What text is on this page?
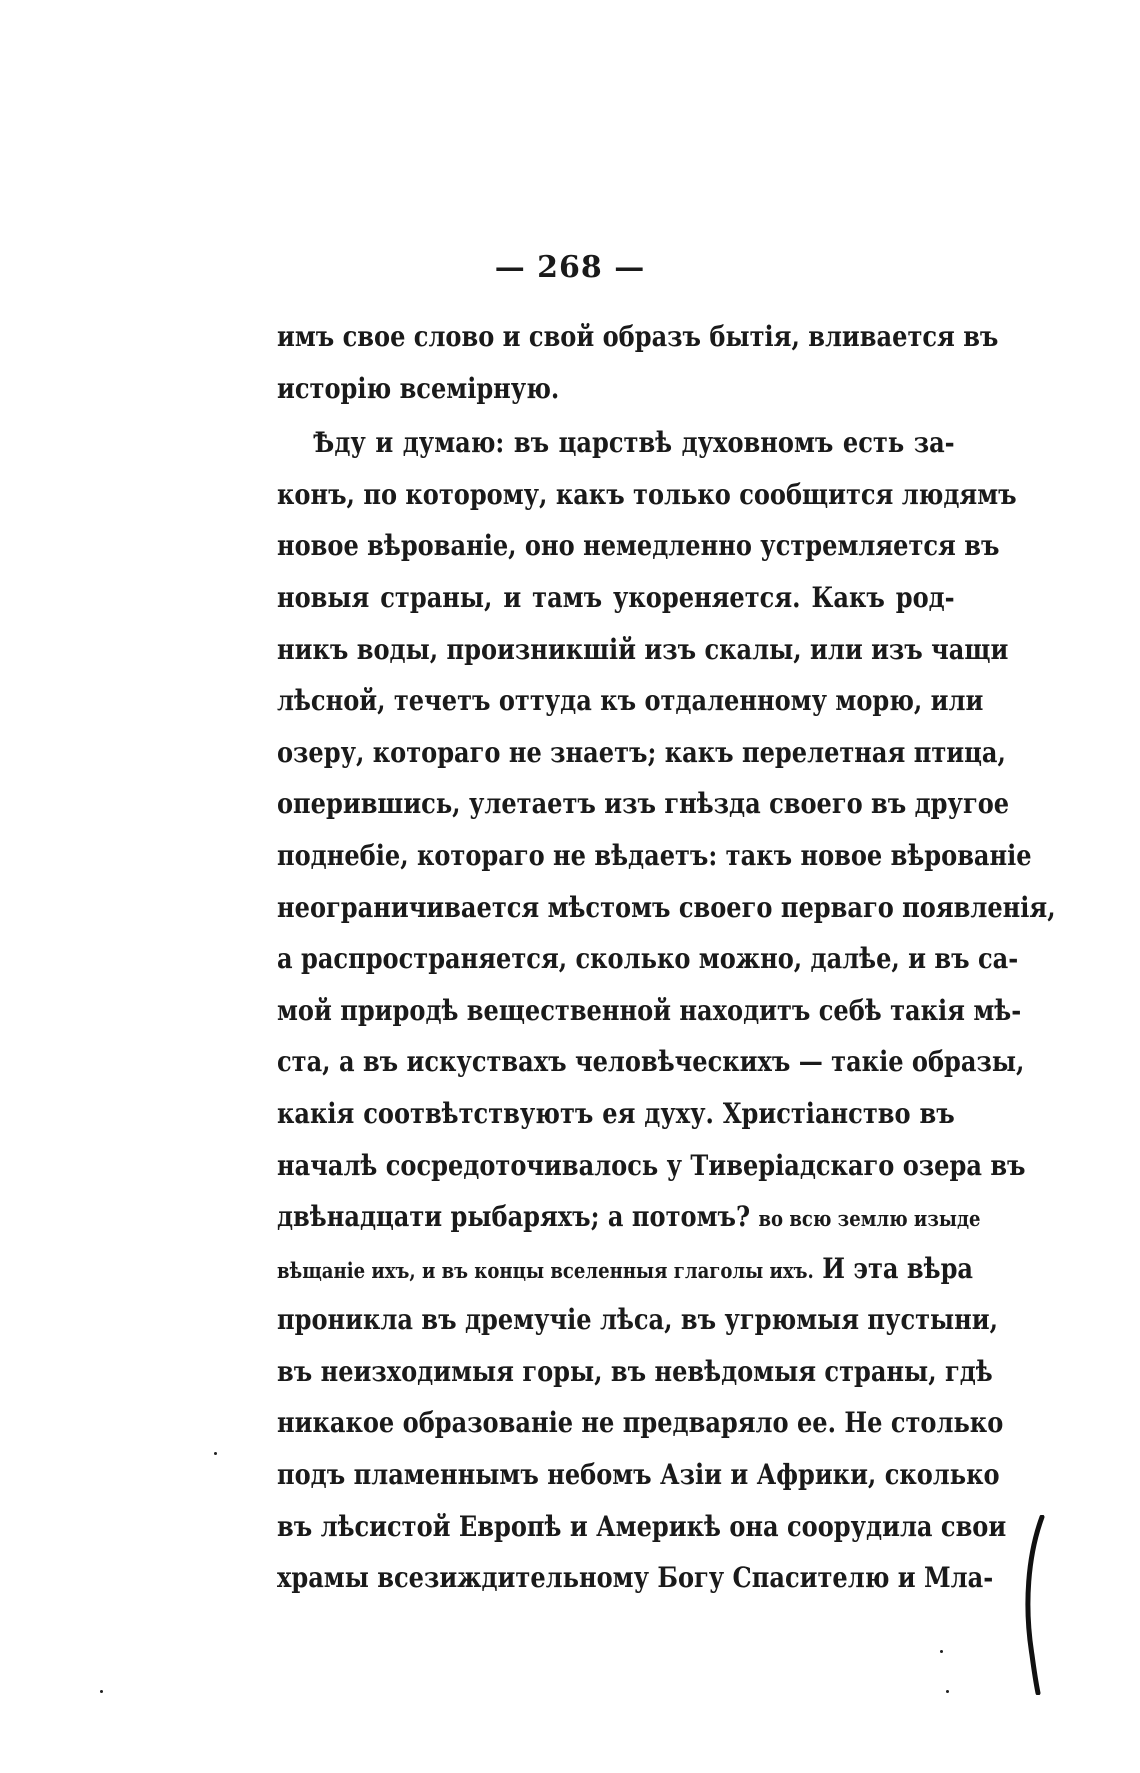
— 268 —
имъ свое слово и свой образъ бытія, вливается въ
исторію всемірную.
Ѣду и думаю: въ царствѣ духовномъ есть за-
конъ, по которому, какъ только сообщится людямъ
новое вѣрованіе, оно немедленно устремляется въ
новыя страны, и тамъ укореняется. Какъ род-
никъ воды, произникшій изъ скалы, или изъ чащи
лѣсной, течетъ оттуда къ отдаленному морю, или
озеру, котораго не знаетъ; какъ перелетная птица,
оперившись, улетаетъ изъ гнѣзда своего въ другое
поднебіе, котораго не вѣдаетъ: такъ новое вѣрованіе
неограничивается мѣстомъ своего перваго появленія,
а распространяется, сколько можно, далѣе, и въ са-
мой природѣ вещественной находитъ себѣ такія мѣ-
ста, а въ искуствахъ человѣческихъ — такіе образы,
какія соотвѣтствуютъ ея духу. Христіанство въ
началѣ сосредоточивалось у Тиверіадскаго озера въ
двѣнадцати рыбаряхъ; а потомъ? во всю землю изыде
вѣщаніе ихъ, и въ концы вселенныя глаголы ихъ. И эта вѣра
проникла въ дремучіе лѣса, въ угрюмыя пустыни,
въ неизходимыя горы, въ невѣдомыя страны, гдѣ
никакое образованіе не предваряло ее. Не столько
подъ пламеннымъ небомъ Азіи и Африки, сколько
въ лѣсистой Европѣ и Америкѣ она соорудила свои
храмы всезиждительному Богу Спасителю и Мла-
